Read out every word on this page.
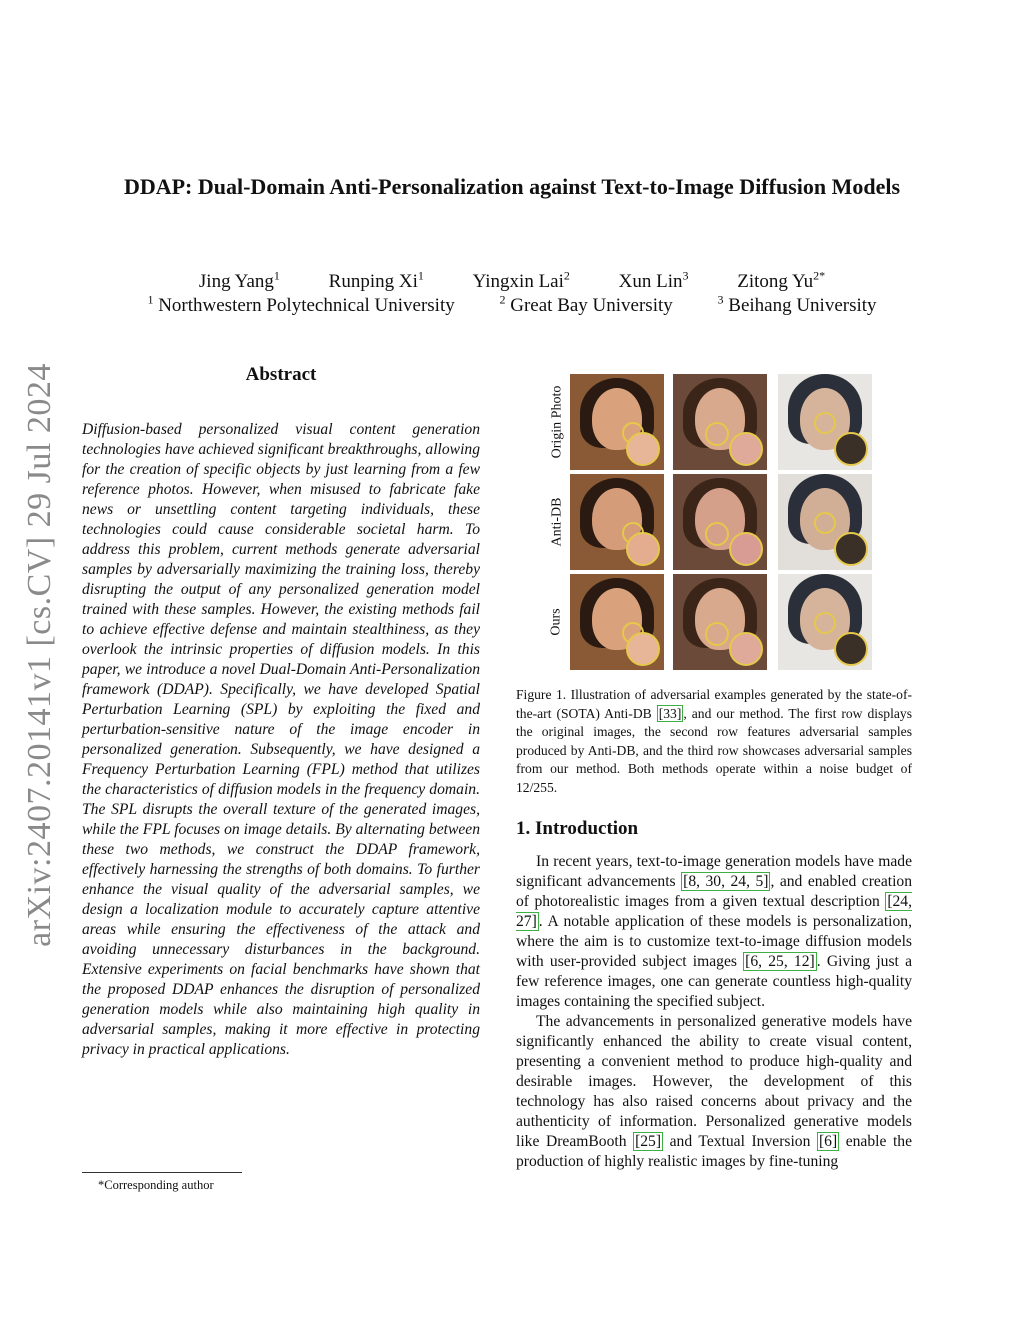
arXiv:2407.20141v1 [cs.CV] 29 Jul 2024
DDAP: Dual-Domain Anti-Personalization against Text-to-Image Diffusion Models
Jing Yang$^1$	Runping Xi$^1$	Yingxin Lai$^2$	Xun Lin$^3$	Zitong $Yu^{2*}$
$^1$ Northwestern Polytechnical University	$^2$ Great Bay University	$^3$ Beihang University
Abstract
Diffusion-based personalized visual content generation technologies have achieved significant breakthroughs, allowing for the creation of specific objects by just learning from a few reference photos. However, when misused to fabricate fake news or unsettling content targeting individuals, these technologies could cause considerable societal harm. To address this problem, current methods generate adversarial samples by adversarially maximizing the training loss, thereby disrupting the output of any personalized generation model trained with these samples. However, the existing methods fail to achieve effective defense and maintain stealthiness, as they overlook the intrinsic properties of diffusion models. In this paper, we introduce a novel Dual-Domain Anti-Personalization framework (DDAP). Specifically, we have developed Spatial Perturbation Learning (SPL) by exploiting the fixed and perturbation-sensitive nature of the image encoder in personalized generation. Subsequently, we have designed a Frequency Perturbation Learning (FPL) method that utilizes the characteristics of diffusion models in the frequency domain. The SPL disrupts the overall texture of the generated images, while the FPL focuses on image details. By alternating between these two methods, we construct the DDAP framework, effectively harnessing the strengths of both domains. To further enhance the visual quality of the adversarial samples, we design a localization module to accurately capture attentive areas while ensuring the effectiveness of the attack and avoiding unnecessary disturbances in the background. Extensive experiments on facial benchmarks have shown that the proposed DDAP enhances the disruption of personalized generation models while also maintaining high quality in adversarial samples, making it more effective in protecting privacy in practical applications.
*Corresponding author
Origin Photo
Anti-DB
Ours
Figure 1. Illustration of adversarial examples generated by the state-of-the-art (SOTA) Anti-DB [33] , and our method. The first row displays the original images, the second row features adversarial samples produced by Anti-DB, and the third row showcases adversarial samples from our method. Both methods operate within a noise budget of 12/255.
1. Introduction

In recent years, text-to-image generation models have made significant advancements [8, 30, 24, 5] , and enabled creation of photorealistic images from a given textual description [24, 27] . A notable application of these models is personalization, where the aim is to customize text-to-image diffusion models with user-provided subject images [6, 25, 12] . Giving just a few reference images, one can generate countless high-quality images containing the specified subject.

The advancements in personalized generative models have significantly enhanced the ability to create visual content, presenting a convenient method to produce high-quality and desirable images. However, the development of this technology has also raised concerns about privacy and the authenticity of information. Personalized generative models like DreamBooth [25] and Textual Inversion [6] enable the production of highly realistic images by fine-tuning
